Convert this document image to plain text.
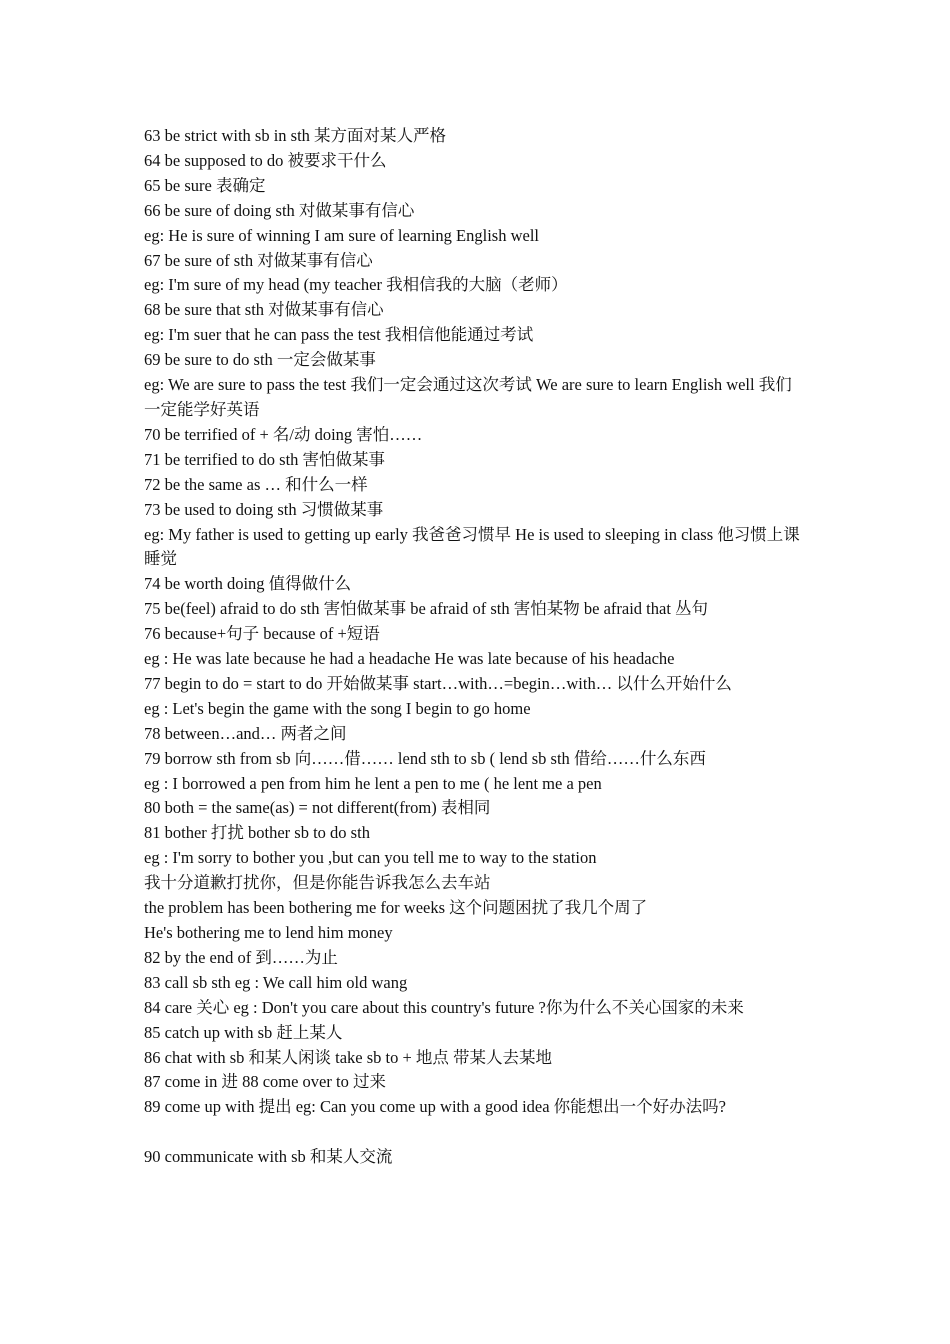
63 be strict with sb in sth 某方面对某人严格

64 be supposed to do 被要求干什么

65 be sure 表确定

66 be sure of doing sth 对做某事有信心

eg: He is sure of winning I am sure of learning English well

67 be sure of sth 对做某事有信心

eg: I'm sure of my head (my teacher 我相信我的大脑（老师）

68 be sure that sth 对做某事有信心

eg: I'm suer that he can pass the test 我相信他能通过考试

69 be sure to do sth 一定会做某事

eg: We are sure to pass the test 我们一定会通过这次考试 We are sure to learn English well 我们一定能学好英语

70 be terrified of + 名/动 doing 害怕……

71 be terrified to do sth 害怕做某事

72 be the same as … 和什么一样

73 be used to doing sth 习惯做某事

eg: My father is used to getting up early 我爸爸习惯早 He is used to sleeping in class 他习惯上课睡觉

74 be worth doing 值得做什么

75 be(feel) afraid to do sth 害怕做某事 be afraid of sth 害怕某物 be afraid that 丛句

76 because+句子 because of +短语

eg : He was late because he had a headache He was late because of his headache

77 begin to do = start to do 开始做某事 start…with…=begin…with… 以什么开始什么

eg : Let's begin the game with the song I begin to go home

78 between…and… 两者之间

79 borrow sth from sb 向……借…… lend sth to sb ( lend sb sth 借给……什么东西

eg : I borrowed a pen from him he lent a pen to me ( he lent me a pen

80 both = the same(as) = not different(from) 表相同

81 bother 打扰 bother sb to do sth

eg : I'm sorry to bother you ,but can you tell me to way to the station

我十分道歉打扰你，但是你能告诉我怎么去车站

the problem has been bothering me for weeks 这个问题困扰了我几个周了

He's bothering me to lend him money

82 by the end of 到……为止

83 call sb sth eg : We call him old wang

84 care 关心 eg : Don't you care about this country's future ?你为什么不关心国家的未来

85 catch up with sb 赶上某人

86 chat with sb 和某人闲谈 take sb to + 地点 带某人去某地

87 come in 进 88 come over to 过来

89 come up with 提出 eg: Can you come up with a good idea 你能想出一个好办法吗?

90 communicate with sb 和某人交流
